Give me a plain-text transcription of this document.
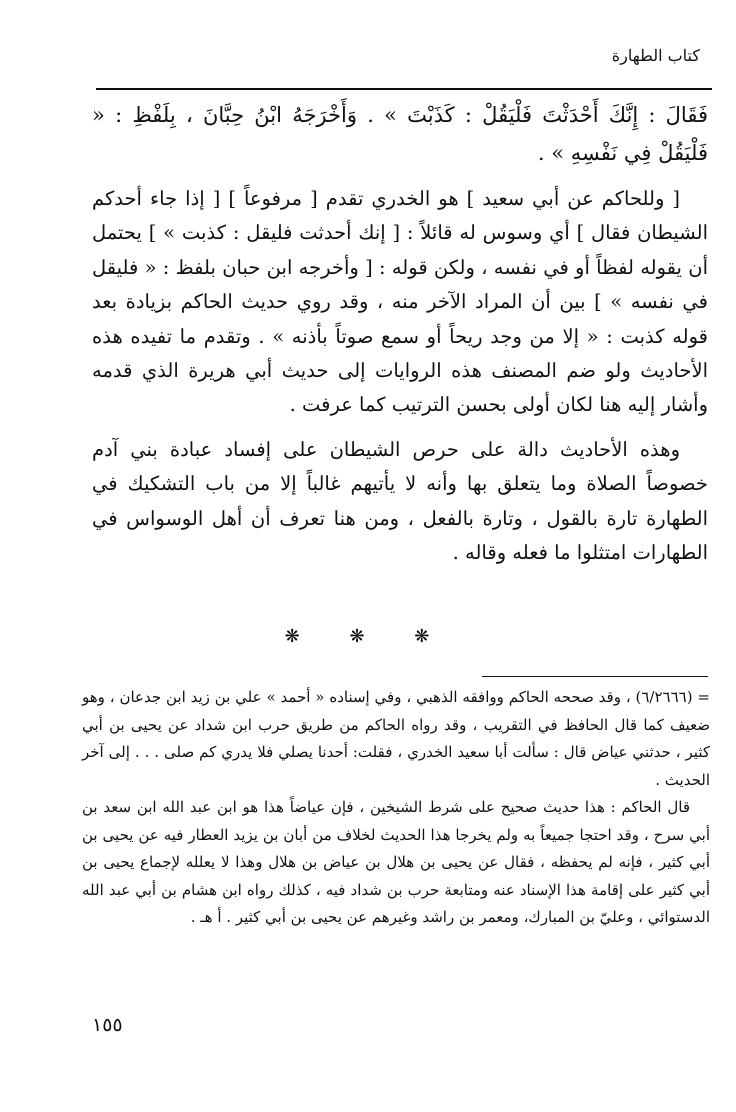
كتاب الطهارة

فَقَالَ : إِنَّكَ أَحْدَثْتَ فَلْيَقُلْ : كَذَبْتَ » . وَأَخْرَجَهُ ابْنُ حِبَّانَ ، بِلَفْظِ : « فَلْيَقُلْ فِي نَفْسِهِ » .

[ وللحاكم عن أبي سعيد ] هو الخدري تقدم [ مرفوعاً ] [ إذا جاء أحدكم الشيطان فقال ] أي وسوس له قائلاً : [ إنك أحدثت فليقل : كذبت » ] يحتمل أن يقوله لفظاً أو في نفسه ، ولكن قوله : [ وأخرجه ابن حبان بلفظ : « فليقل في نفسه » ] بين أن المراد الآخر منه ، وقد روي حديث الحاكم بزيادة بعد قوله كذبت : « إلا من وجد ريحاً أو سمع صوتاً بأذنه » . وتقدم ما تفيده هذه الأحاديث ولو ضم المصنف هذه الروايات إلى حديث أبي هريرة الذي قدمه وأشار إليه هنا لكان أولى بحسن الترتيب كما عرفت .

وهذه الأحاديث دالة على حرص الشيطان على إفساد عبادة بني آدم خصوصاً الصلاة وما يتعلق بها وأنه لا يأتيهم غالباً إلا من باب التشكيك في الطهارة تارة بالقول ، وتارة بالفعل ، ومن هنا تعرف أن أهل الوسواس في الطهارات امتثلوا ما فعله وقاله .

❋ ❋ ❋

= (٦/٢٦٦٦) ، وقد صححه الحاكم ووافقه الذهبي ، وفي إسناده « أحمد » علي بن زيد ابن جدعان ، وهو ضعيف كما قال الحافظ في التقريب ، وقد رواه الحاكم من طريق حرب ابن شداد عن يحيى بن أبي كثير ، حدثني عياض قال : سألت أبا سعيد الخدري ، فقلت: أحدنا يصلي فلا يدري كم صلى . . . إلى آخر الحديث .

قال الحاكم : هذا حديث صحيح على شرط الشيخين ، فإن عياضاً هذا هو ابن عبد الله ابن سعد بن أبي سرح ، وقد احتجا جميعاً به ولم يخرجا هذا الحديث لخلاف من أبان بن يزيد العطار فيه عن يحيى بن أبي كثير ، فإنه لم يحفظه ، فقال عن يحيى بن هلال بن عياض بن هلال وهذا لا يعلله لإجماع يحيى بن أبي كثير على إقامة هذا الإسناد عنه ومتابعة حرب بن شداد فيه ، كذلك رواه ابن هشام بن أبي عبد الله الدستوائي ، وعليّ بن المبارك، ومعمر بن راشد وغيرهم عن يحيى بن أبي كثير . أ هـ .

١٥٥
